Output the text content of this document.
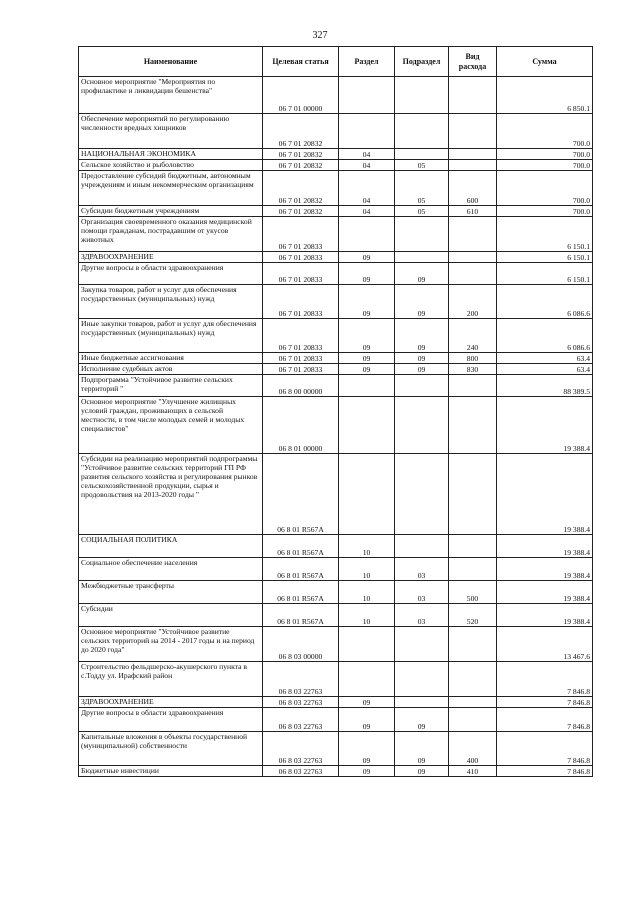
327
Наименование	Целевая статья	Раздел	Подраздел	Вид расхода	Сумма
Основное мероприятие "Мероприятия по профилактике и ликвидации бешенства"	06 7 01 00000				6 850.1
Обеспечение мероприятий по регулированию численности вредных хищников	06 7 01 20832				700.0
НАЦИОНАЛЬНАЯ ЭКОНОМИКА	06 7 01 20832	04			700.0
Сельское хозяйство и рыболовство	06 7 01 20832	04	05		700.0
Предоставление субсидий бюджетным, автономным учреждениям и иным некоммерческим организациям	06 7 01 20832	04	05	600	700.0
Субсидии бюджетным учреждениям	06 7 01 20832	04	05	610	700.0
Организация своевременного оказания медицинской помощи гражданам, пострадавшим от укусов животных	06 7 01 20833				6 150.1
ЗДРАВООХРАНЕНИЕ	06 7 01 20833	09			6 150.1
Другие вопросы в области здравоохранения	06 7 01 20833	09	09		6 150.1
Закупка товаров, работ и услуг для обеспечения государственных (муниципальных) нужд	06 7 01 20833	09	09	200	6 086.6
Иные закупки товаров, работ и услуг для обеспечения государственных (муниципальных) нужд	06 7 01 20833	09	09	240	6 086.6
Иные бюджетные ассигнования	06 7 01 20833	09	09	800	63.4
Исполнение судебных актов	06 7 01 20833	09	09	830	63.4
Подпрограмма "Устойчивое развитие сельских территорий "	06 8 00 00000				88 389.5
Основное мероприятие "Улучшение жилищных условий граждан, проживающих в сельской местности, в том числе молодых семей и молодых специалистов"	06 8 01 00000				19 388.4
Субсидии на реализацию мероприятий подпрограммы "Устойчивое развитие сельских территорий ГП РФ развития сельского хозяйства и регулирования рынков сельскохозяйственной продукции, сырья и продовольствия на 2013-2020 годы "	06 8 01 R567A				19 388.4
СОЦИАЛЬНАЯ ПОЛИТИКА	06 8 01 R567A	10			19 388.4
Социальное обеспечение населения	06 8 01 R567A	10	03		19 388.4
Межбюджетные трансферты	06 8 01 R567A	10	03	500	19 388.4
Субсидии	06 8 01 R567A	10	03	520	19 388.4
Основное мероприятие "Устойчивое развитие сельских территорий на 2014 - 2017 годы и на период до 2020 года"	06 8 03 00000				13 467.6
Строительство фельдшерско-акушерского пункта в с.Тодду ул. Ирафский район	06 8 03 22763				7 846.8
ЗДРАВООХРАНЕНИЕ	06 8 03 22763	09			7 846.8
Другие вопросы в области здравоохранения	06 8 03 22763	09	09		7 846.8
Капитальные вложения в объекты государственной (муниципальной) собственности	06 8 03 22763	09	09	400	7 846.8
Бюджетные инвестиции	06 8 03 22763	09	09	410	7 846.8
